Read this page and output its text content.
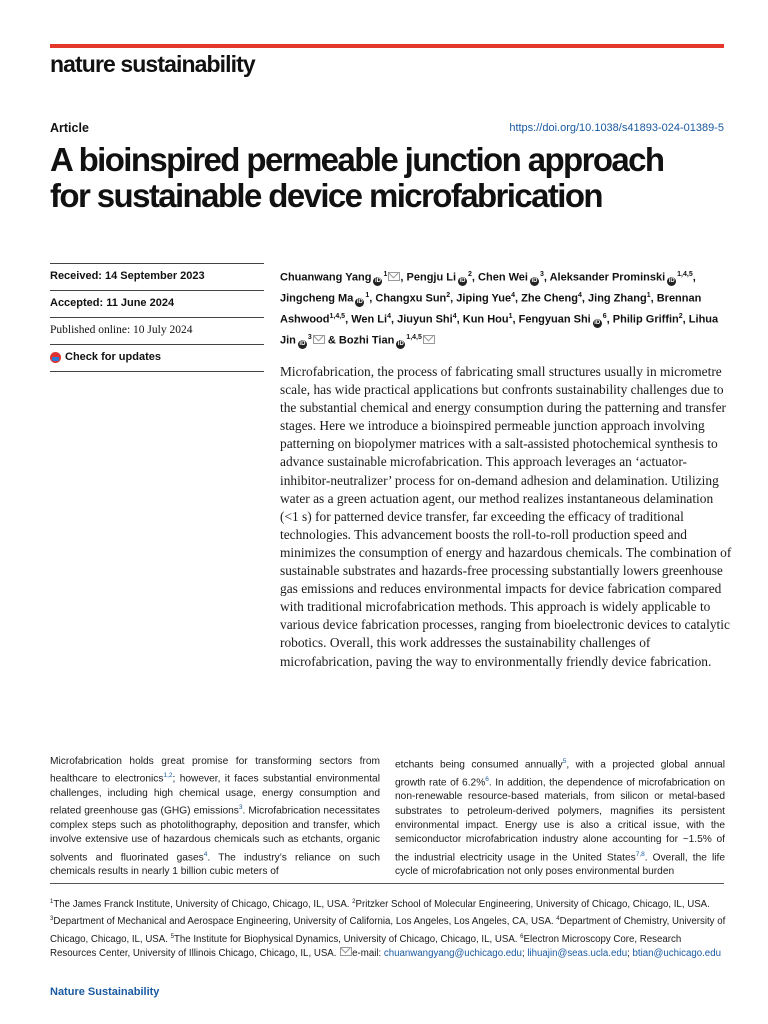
nature sustainability
Article	https://doi.org/10.1038/s41893-024-01389-5
A bioinspired permeable junction approach
for sustainable device microfabrication
Received: 14 September 2023
Accepted: 11 June 2024
Published online: 10 July 2024
Check for updates
Chuanwang Yang $iD^1$ , Pengju Li $iD^2$, Chen Wei $iD^3$, Aleksander Prominski iD$^{1,4,5}$, Jingcheng Ma $iD^1$, Changxu Sun$^2$, Jiping Yue$^4$, Zhe Cheng$^4$, Jing Zhang$^1$, Brennan Ashwood$^{1,4,5}$, Wen Li$^4$, Jiuyun Shi$^4$, Kun Hou$^1$, Fengyuan Shi $iD^6$, Philip Griffin$^2$, Lihua Jin $iD^3$ & Bozhi Tian iD$^{1,4,5}$

Microfabrication, the process of fabricating small structures usually in micrometre scale, has wide practical applications but confronts sustainability challenges due to the substantial chemical and energy consumption during the patterning and transfer stages. Here we introduce a bioinspired permeable junction approach involving patterning on biopolymer matrices with a salt-assisted photochemical synthesis to advance sustainable microfabrication. This approach leverages an ‘actuator-inhibitor-neutralizer’ process for on-demand adhesion and delamination. Utilizing water as a green actuation agent, our method realizes instantaneous delamination (<1 s) for patterned device transfer, far exceeding the efficacy of traditional technologies. This advancement boosts the roll-to-roll production speed and minimizes the consumption of energy and hazardous chemicals. The combination of sustainable substrates and hazards-free processing substantially lowers greenhouse gas emissions and reduces environmental impacts for device fabrication compared with traditional microfabrication methods. This approach is widely applicable to various device fabrication processes, ranging from bioelectronic devices to catalytic robotics. Overall, this work addresses the sustainability challenges of microfabrication, paving the way to environmentally friendly device fabrication.

Microfabrication holds great promise for transforming sectors from healthcare to electronics$^{1,2}$; however, it faces substantial environmental challenges, including high chemical usage, energy consumption and related greenhouse gas (GHG) emissions$^3$. Microfabrication necessitates complex steps such as photolithography, deposition and transfer, which involve extensive use of hazardous chemicals such as etchants, organic solvents and fluorinated gases$^4$. The industry’s reliance on such chemicals results in nearly 1 billion cubic meters of

etchants being consumed annually$^5$, with a projected global annual growth rate of 6.2%$^6$. In addition, the dependence of microfabrication on non-renewable resource-based materials, from silicon or metal-based substrates to petroleum-derived polymers, magnifies its persistent environmental impact. Energy use is also a critical issue, with the semiconductor microfabrication industry alone accounting for ~1.5% of the industrial electricity usage in the United States$^{7,8}$. Overall, the life cycle of microfabrication not only poses environmental burden

$^1$The James Franck Institute, University of Chicago, Chicago, IL, USA. $^2$Pritzker School of Molecular Engineering, University of Chicago, Chicago, IL, USA. $^3$Department of Mechanical and Aerospace Engineering, University of California, Los Angeles, Los Angeles, CA, USA. $^4$Department of Chemistry, University of Chicago, Chicago, IL, USA. $^5$The Institute for Biophysical Dynamics, University of Chicago, Chicago, IL, USA. $^6$Electron Microscopy Core, Research Resources Center, University of Illinois Chicago, Chicago, IL, USA. e-mail: chuanwangyang@uchicago.edu; lihuajin@seas.ucla.edu; btian@uchicago.edu

Nature Sustainability
